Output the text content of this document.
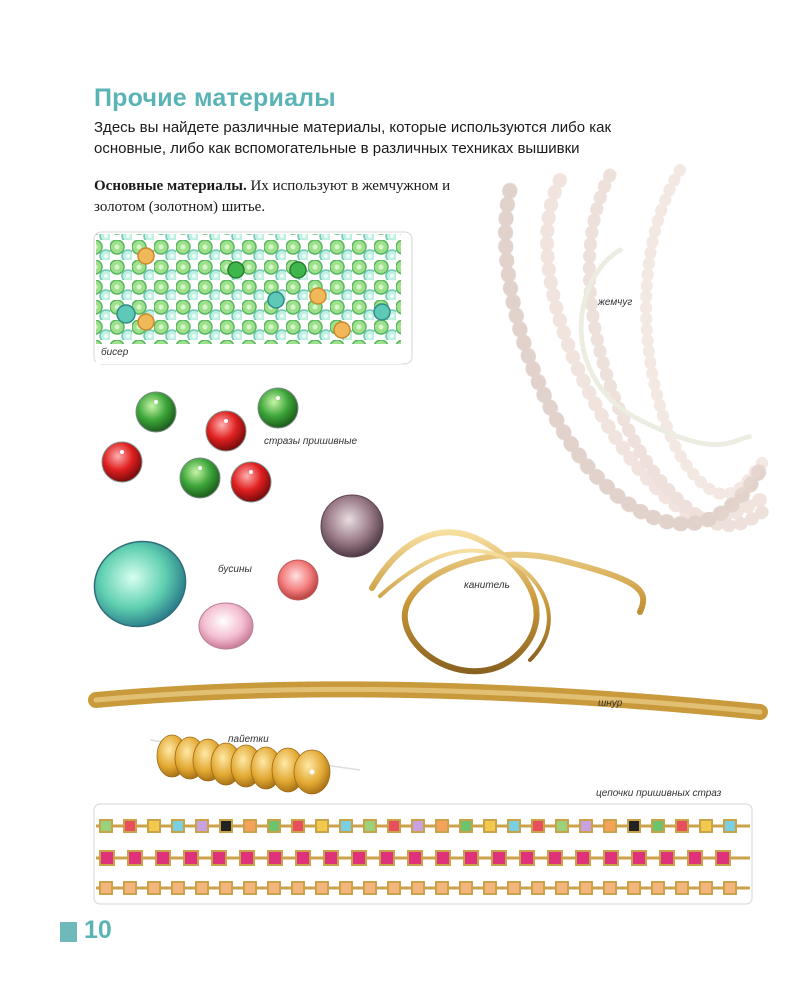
Прочие материалы
Здесь вы найдете различные материалы, которые используются либо как основные, либо как вспомогательные в различных техниках вышивки
Основные материалы. Их используют в жемчужном и золотом (золотном) шитье.
бисер
жемчуг
стразы пришивные
бусины
канитель
шнур
пайетки
цепочки пришивных страз
10
